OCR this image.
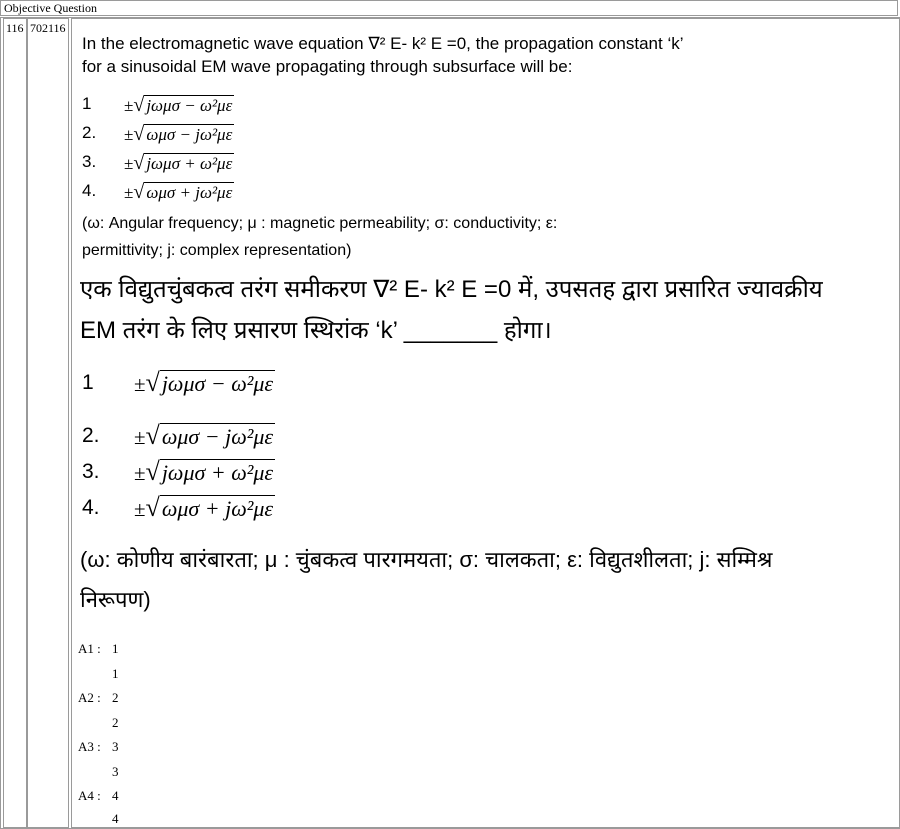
Objective Question
116 702116
In the electromagnetic wave equation ∇² E- k² E =0, the propagation constant ‘k’
for a sinusoidal EM wave propagating through subsurface will be:
1 ±√ jωμσ − ω²με
2. ±√ ωμσ − jω²με
3. ±√ jωμσ + ω²με
4. ±√ ωμσ + jω²με
(ω: Angular frequency; μ : magnetic permeability; σ: conductivity; ε:
permittivity; j: complex representation)
एक विद्युतचुंबकत्व तरंग समीकरण ∇² E- k² E =0 में, उपसतह द्वारा प्रसारित ज्यावक्रीय
EM तरंग के लिए प्रसारण स्थिरांक ‘k’ _______ होगा।
1 ±√jωμσ − ω²με
2. ±√ωμσ − jω²με
3. ±√jωμσ + ω²με
4. ±√ωμσ + jω²με
(ω: कोणीय बारंबारता; μ : चुंबकत्व पारगमयता; σ: चालकता; ε: विद्युतशीलता; j: सम्मिश्र
निरूपण)
A1 : 1
1
A2 : 2
2
A3 : 3
3
A4 : 4
4
